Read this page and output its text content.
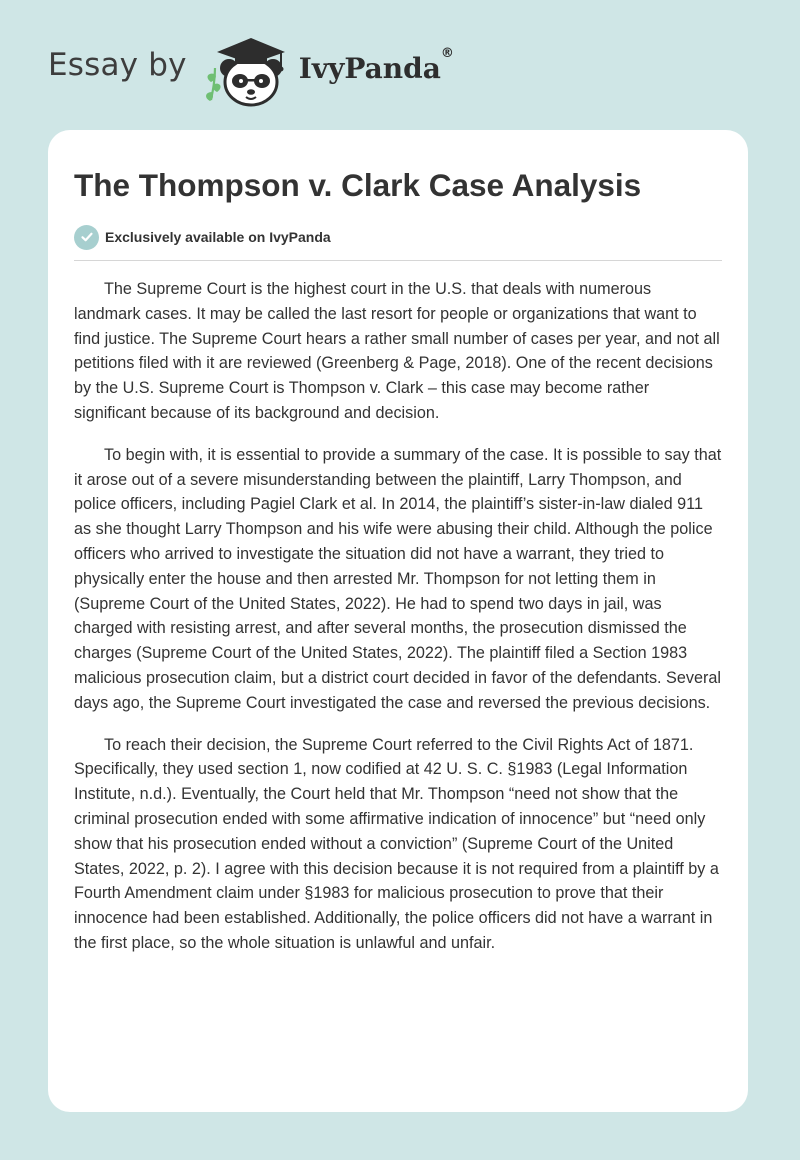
Essay by	IvyPanda®
The Thompson v. Clark Case Analysis
Exclusively available on IvyPanda

The Supreme Court is the highest court in the U.S. that deals with numerous landmark cases. It may be called the last resort for people or organizations that want to find justice. The Supreme Court hears a rather small number of cases per year, and not all petitions filed with it are reviewed (Greenberg & Page, 2018). One of the recent decisions by the U.S. Supreme Court is Thompson v. Clark – this case may become rather significant because of its background and decision.

To begin with, it is essential to provide a summary of the case. It is possible to say that it arose out of a severe misunderstanding between the plaintiff, Larry Thompson, and police officers, including Pagiel Clark et al. In 2014, the plaintiff’s sister-in-law dialed 911 as she thought Larry Thompson and his wife were abusing their child. Although the police officers who arrived to investigate the situation did not have a warrant, they tried to physically enter the house and then arrested Mr. Thompson for not letting them in (Supreme Court of the United States, 2022). He had to spend two days in jail, was charged with resisting arrest, and after several months, the prosecution dismissed the charges (Supreme Court of the United States, 2022). The plaintiff filed a Section 1983 malicious prosecution claim, but a district court decided in favor of the defendants. Several days ago, the Supreme Court investigated the case and reversed the previous decisions.

To reach their decision, the Supreme Court referred to the Civil Rights Act of 1871. Specifically, they used section 1, now codified at 42 U. S. C. §1983 (Legal Information Institute, n.d.). Eventually, the Court held that Mr. Thompson “need not show that the criminal prosecution ended with some affirmative indication of innocence” but “need only show that his prosecution ended without a conviction” (Supreme Court of the United States, 2022, p. 2). I agree with this decision because it is not required from a plaintiff by a Fourth Amendment claim under §1983 for malicious prosecution to prove that their innocence had been established. Additionally, the police officers did not have a warrant in the first place, so the whole situation is unlawful and unfair.
